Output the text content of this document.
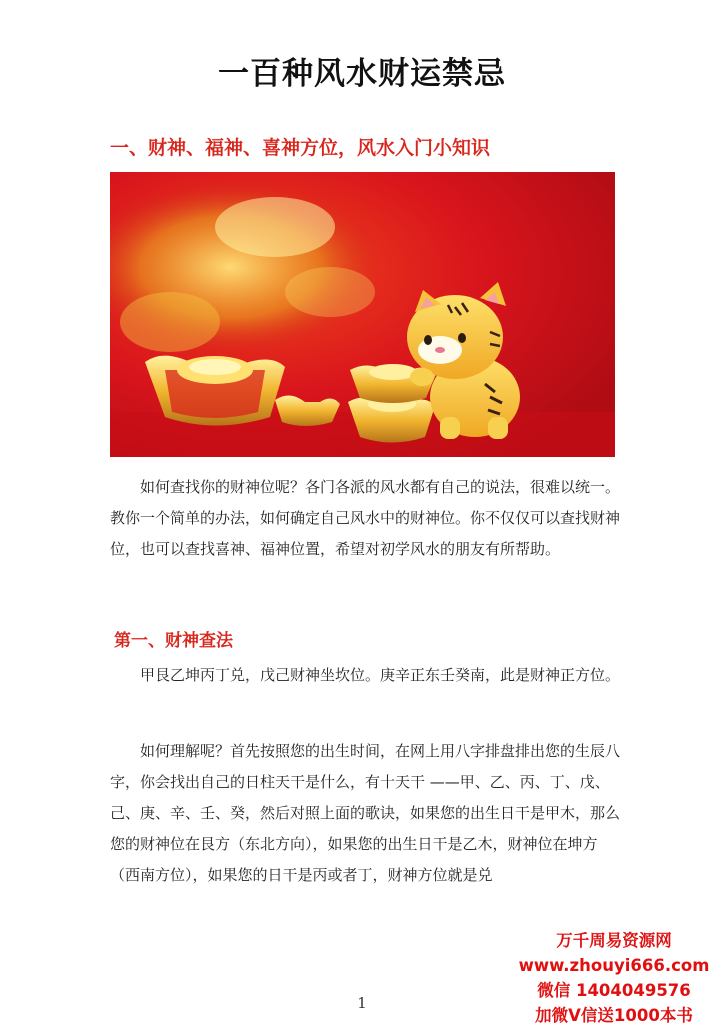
一百种风水财运禁忌
一、财神、福神、喜神方位，风水入门小知识

如何查找你的财神位呢？各门各派的风水都有自己的说法，很难以统一。教你一个简单的办法，如何确定自己风水中的财神位。你不仅仅可以查找财神位，也可以查找喜神、福神位置，希望对初学风水的朋友有所帮助。

第一、财神查法

甲艮乙坤丙丁兑，戊己财神坐坎位。庚辛正东壬癸南，此是财神正方位。

如何理解呢？首先按照您的出生时间，在网上用八字排盘排出您的生辰八字，你会找出自己的日柱天干是什么，有十天干 ——甲、乙、丙、丁、戊、己、庚、辛、壬、癸，然后对照上面的歌诀，如果您的出生日干是甲木，那么您的财神位在艮方（东北方向），如果您的出生日干是乙木，财神位在坤方（西南方位），如果您的日干是丙或者丁，财神方位就是兑

1
万千周易资源网
www.zhouyi666.com
微信 1404049576
加微V信送1000本书
